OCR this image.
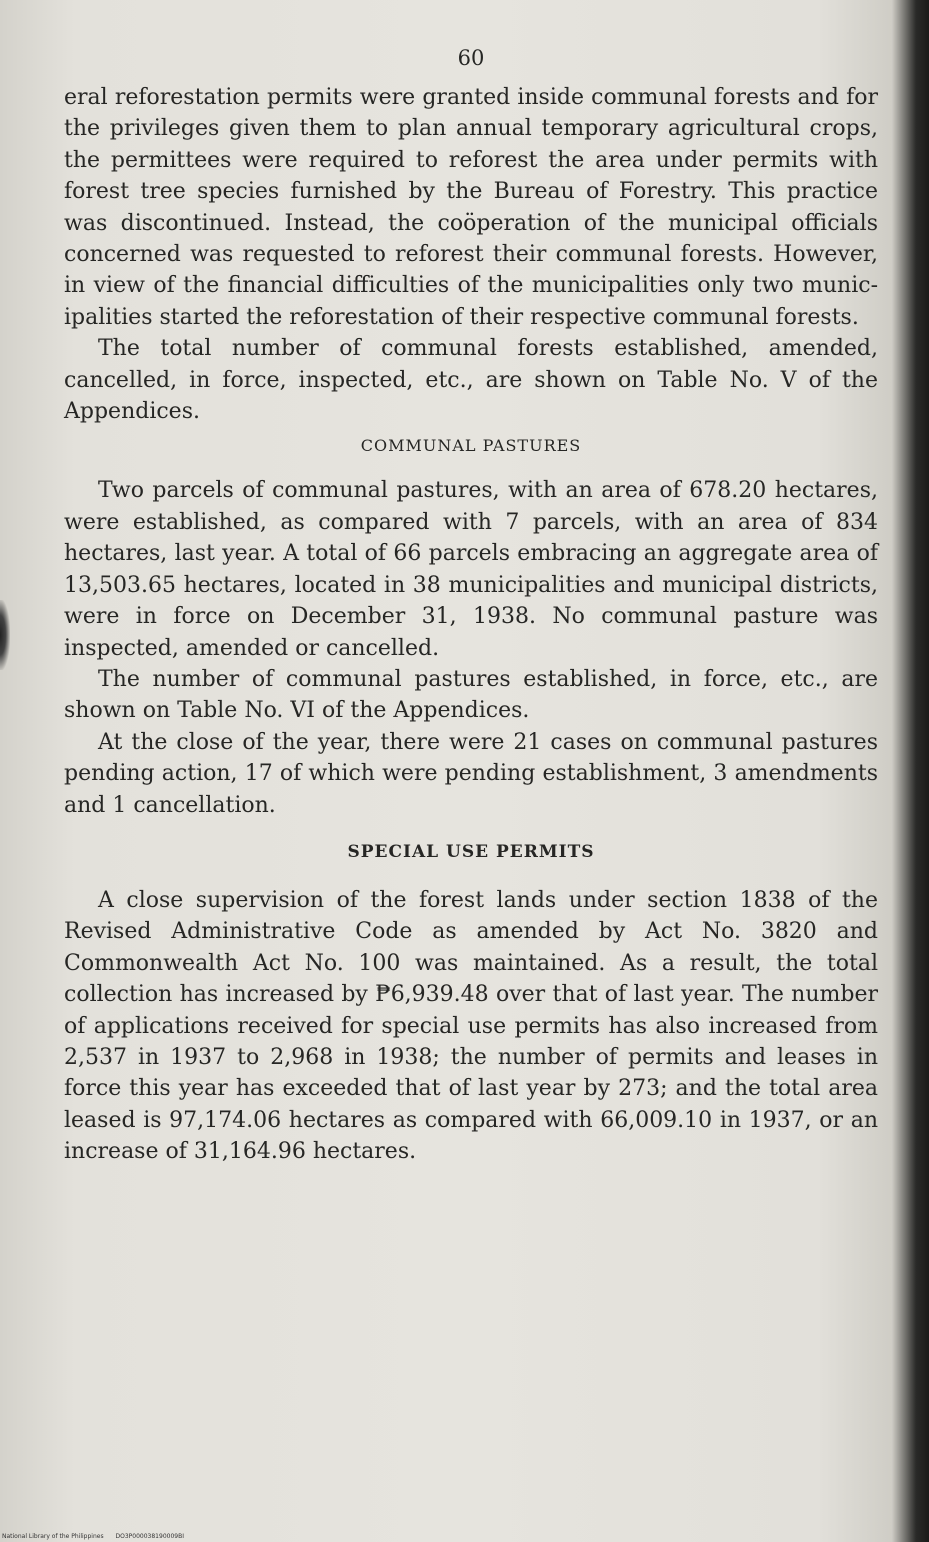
60

eral reforestation permits were granted inside communal forests and for the privileges given them to plan annual temporary agricultural crops, the permittees were required to reforest the area under permits with forest tree species furnished by the Bureau of Forestry. This practice was discontinued. Instead, the coöperation of the municipal officials concerned was requested to reforest their communal forests. However, in view of the financial difficulties of the municipalities only two municipalities started the reforestation of their respective communal forests.

The total number of communal forests established, amended, cancelled, in force, inspected, etc., are shown on Table No. V of the Appendices.

COMMUNAL PASTURES

Two parcels of communal pastures, with an area of 678.20 hectares, were established, as compared with 7 parcels, with an area of 834 hectares, last year. A total of 66 parcels embracing an aggregate area of 13,503.65 hectares, located in 38 municipalities and municipal districts, were in force on December 31, 1938. No communal pasture was inspected, amended or cancelled.

The number of communal pastures established, in force, etc., are shown on Table No. VI of the Appendices.

At the close of the year, there were 21 cases on communal pastures pending action, 17 of which were pending establishment, 3 amendments and 1 cancellation.

SPECIAL USE PERMITS

A close supervision of the forest lands under section 1838 of the Revised Administrative Code as amended by Act No. 3820 and Commonwealth Act No. 100 was maintained. As a result, the total collection has increased by ₱6,939.48 over that of last year. The number of applications received for special use permits has also increased from 2,537 in 1937 to 2,968 in 1938; the number of permits and leases in force this year has exceeded that of last year by 273; and the total area leased is 97,174.06 hectares as compared with 66,009.10 in 1937, or an increase of 31,164.96 hectares.

National Library of the Philippines DO3P000038190009BI
